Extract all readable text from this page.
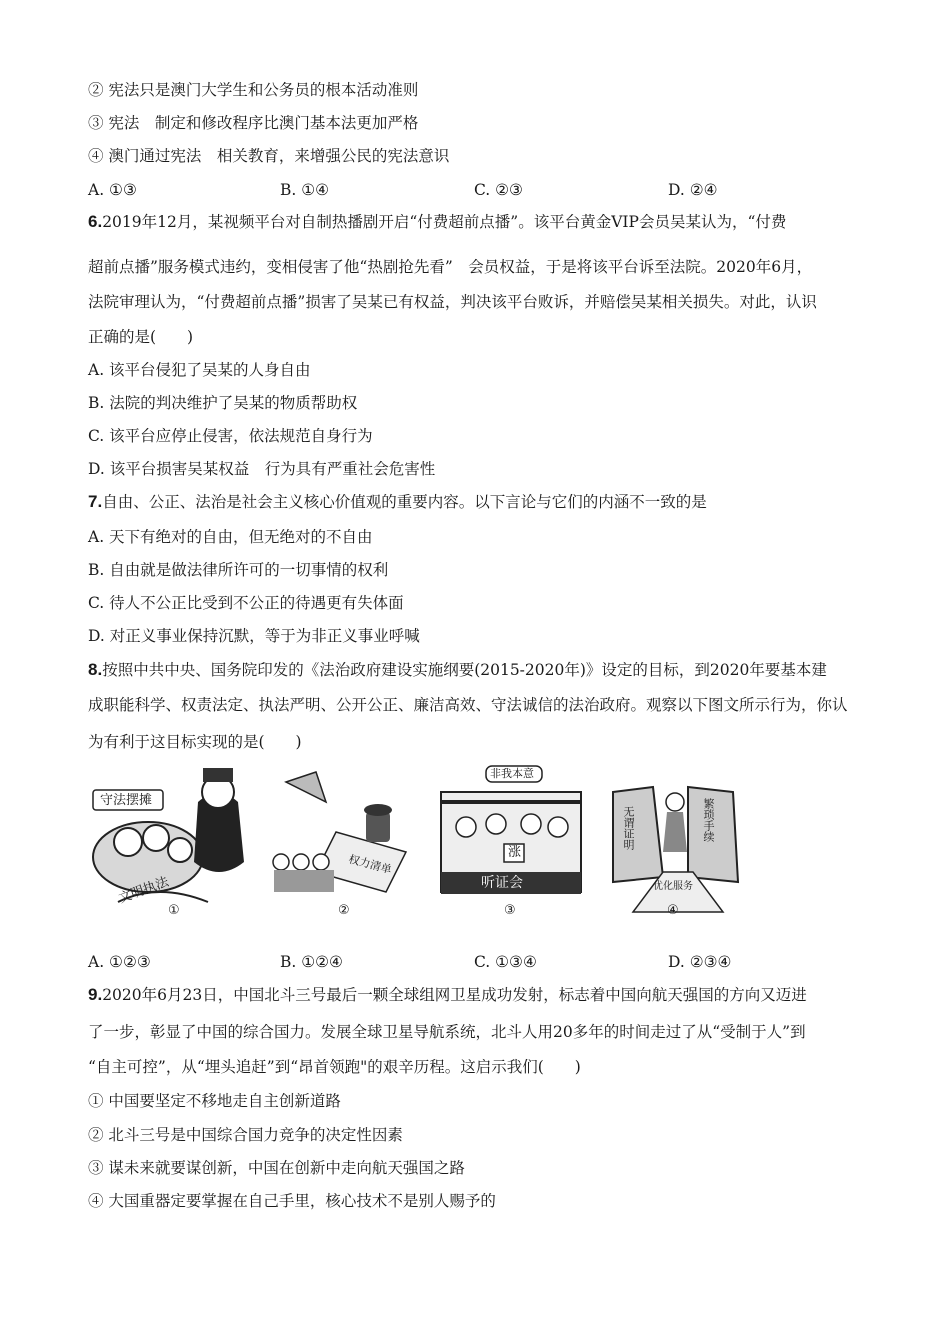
② 宪法只是澳门大学生和公务员的根本活动准则
③ 宪法　制定和修改程序比澳门基本法更加严格
④ 澳门通过宪法　相关教育，来增强公民的宪法意识
A. ①③	B. ①④	C. ②③	D. ②④
6.2019年12月，某视频平台对自制热播剧开启“付费超前点播”。该平台黄金VIP会员吴某认为，“付费
超前点播”服务模式违约，变相侵害了他“热剧抢先看”　会员权益，于是将该平台诉至法院。2020年6月，
法院审理认为，“付费超前点播”损害了吴某已有权益，判决该平台败诉，并赔偿吴某相关损失。对此，认识
正确的是(　　)
A. 该平台侵犯了吴某的人身自由
B. 法院的判决维护了吴某的物质帮助权
C. 该平台应停止侵害，依法规范自身行为
D. 该平台损害吴某权益　行为具有严重社会危害性
7.自由、公正、法治是社会主义核心价值观的重要内容。以下言论与它们的内涵不一致的是
A. 天下有绝对的自由，但无绝对的不自由
B. 自由就是做法律所许可的一切事情的权利
C. 待人不公正比受到不公正的待遇更有失体面
D. 对正义事业保持沉默，等于为非正义事业呼喊
8.按照中共中央、国务院印发的《法治政府建设实施纲要(2015-2020年)》设定的目标，到2020年要基本建
成职能科学、权责法定、执法严明、公开公正、廉洁高效、守法诚信的法治政府。观察以下图文所示行为，你认
为有利于这目标实现的是(　　)
守法摆摊
文明执法
①
权力清单
②
非我本意
涨
听证会
③
无谓证明	繁琐手续
优化服务
④
A. ①②③	B. ①②④	C. ①③④	D. ②③④
9.2020年6月23日，中国北斗三号最后一颗全球组网卫星成功发射，标志着中国向航天强国的方向又迈进
了一步，彰显了中国的综合国力。发展全球卫星导航系统，北斗人用20多年的时间走过了从“受制于人”到
“自主可控”，从“埋头追赶”到“昂首领跑"的艰辛历程。这启示我们(　　)
① 中国要坚定不移地走自主创新道路
② 北斗三号是中国综合国力竞争的决定性因素
③ 谋未来就要谋创新，中国在创新中走向航天强国之路
④ 大国重器定要掌握在自己手里，核心技术不是别人赐予的
